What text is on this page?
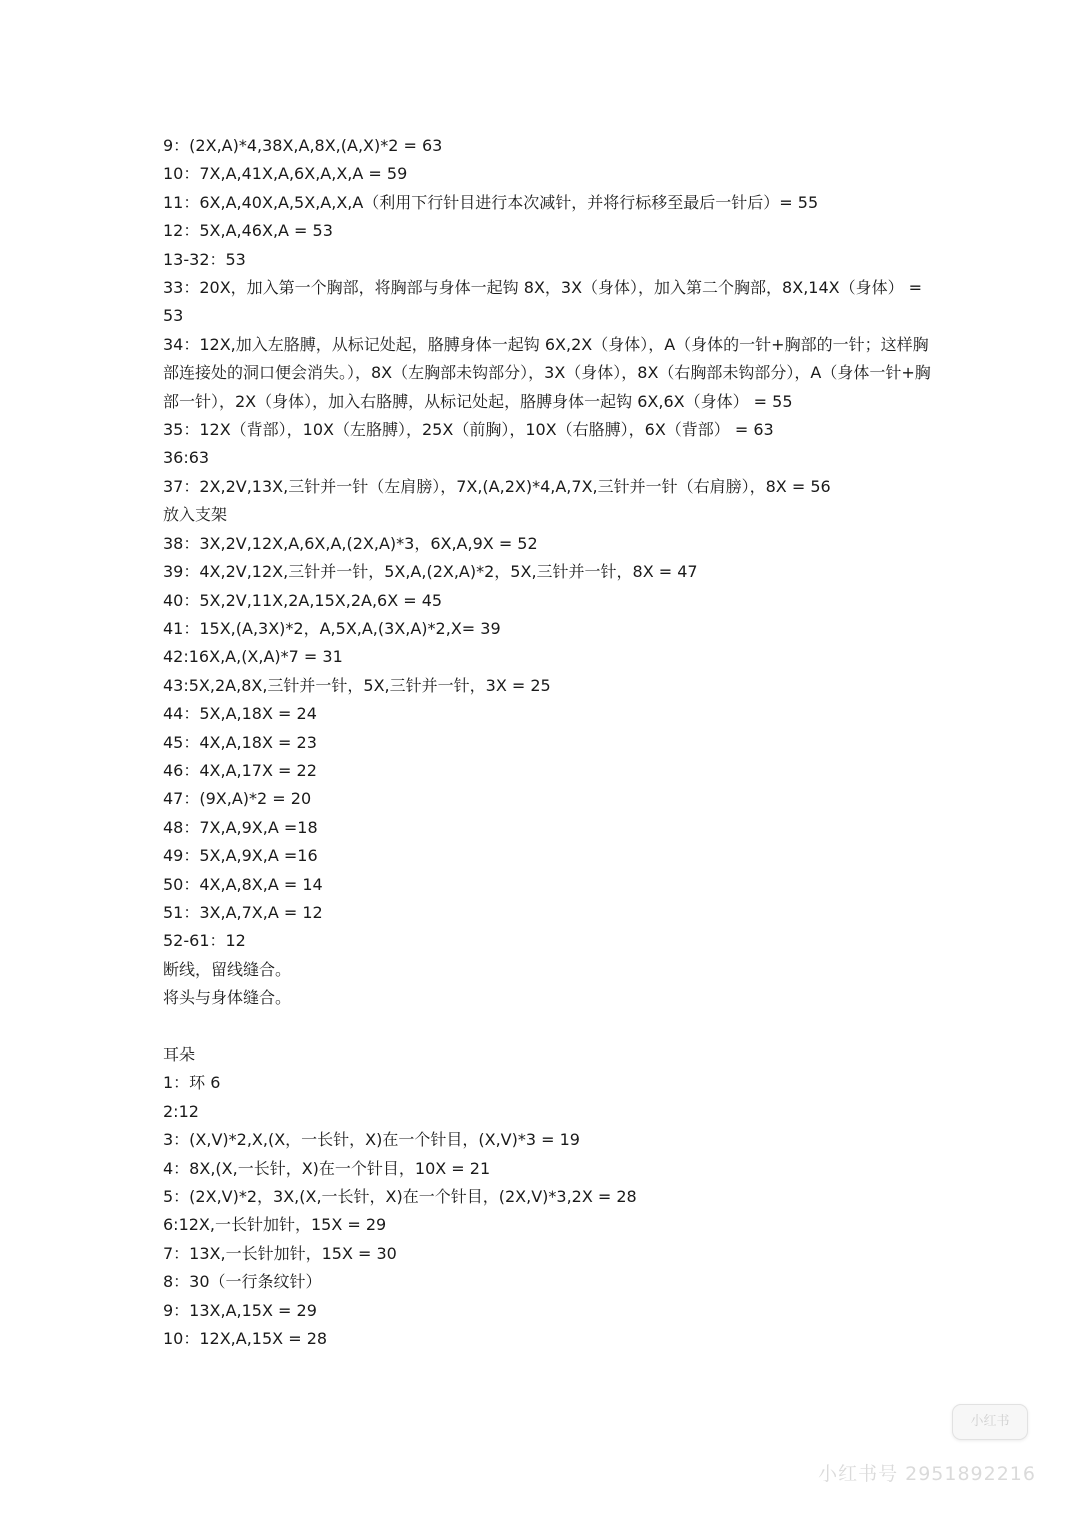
9：(2X,A)*4,38X,A,8X,(A,X)*2 = 63
10：7X,A,41X,A,6X,A,X,A = 59
11：6X,A,40X,A,5X,A,X,A（利用下行针目进行本次减针，并将行标移至最后一针后）= 55
12：5X,A,46X,A = 53
13-32：53
33：20X，加入第一个胸部，将胸部与身体一起钩 8X，3X（身体），加入第二个胸部，8X,14X（身体） = 53
34：12X,加入左胳膊，从标记处起，胳膊身体一起钩 6X,2X（身体），A（身体的一针+胸部的一针；这样胸部连接处的洞口便会消失。），8X（左胸部未钩部分），3X（身体），8X（右胸部未钩部分），A（身体一针+胸部一针），2X（身体），加入右胳膊，从标记处起，胳膊身体一起钩 6X,6X（身体） = 55
35：12X（背部），10X（左胳膊），25X（前胸），10X（右胳膊），6X（背部） = 63
36:63
37：2X,2V,13X,三针并一针（左肩膀），7X,(A,2X)*4,A,7X,三针并一针（右肩膀），8X = 56
放入支架
38：3X,2V,12X,A,6X,A,(2X,A)*3，6X,A,9X = 52
39：4X,2V,12X,三针并一针，5X,A,(2X,A)*2，5X,三针并一针，8X = 47
40：5X,2V,11X,2A,15X,2A,6X = 45
41：15X,(A,3X)*2，A,5X,A,(3X,A)*2,X= 39
42:16X,A,(X,A)*7 = 31
43:5X,2A,8X,三针并一针，5X,三针并一针，3X = 25
44：5X,A,18X = 24
45：4X,A,18X = 23
46：4X,A,17X = 22
47：(9X,A)*2 = 20
48：7X,A,9X,A =18
49：5X,A,9X,A =16
50：4X,A,8X,A = 14
51：3X,A,7X,A = 12
52-61：12
断线，留线缝合。
将头与身体缝合。
耳朵
1：环 6
2:12
3：(X,V)*2,X,(X，一长针，X)在一个针目，(X,V)*3 = 19
4：8X,(X,一长针，X)在一个针目，10X = 21
5：(2X,V)*2，3X,(X,一长针，X)在一个针目，(2X,V)*3,2X = 28
6:12X,一长针加针，15X = 29
7：13X,一长针加针，15X = 30
8：30（一行条纹针）
9：13X,A,15X = 29
10：12X,A,15X = 28
小红书
小红书号 2951892216
